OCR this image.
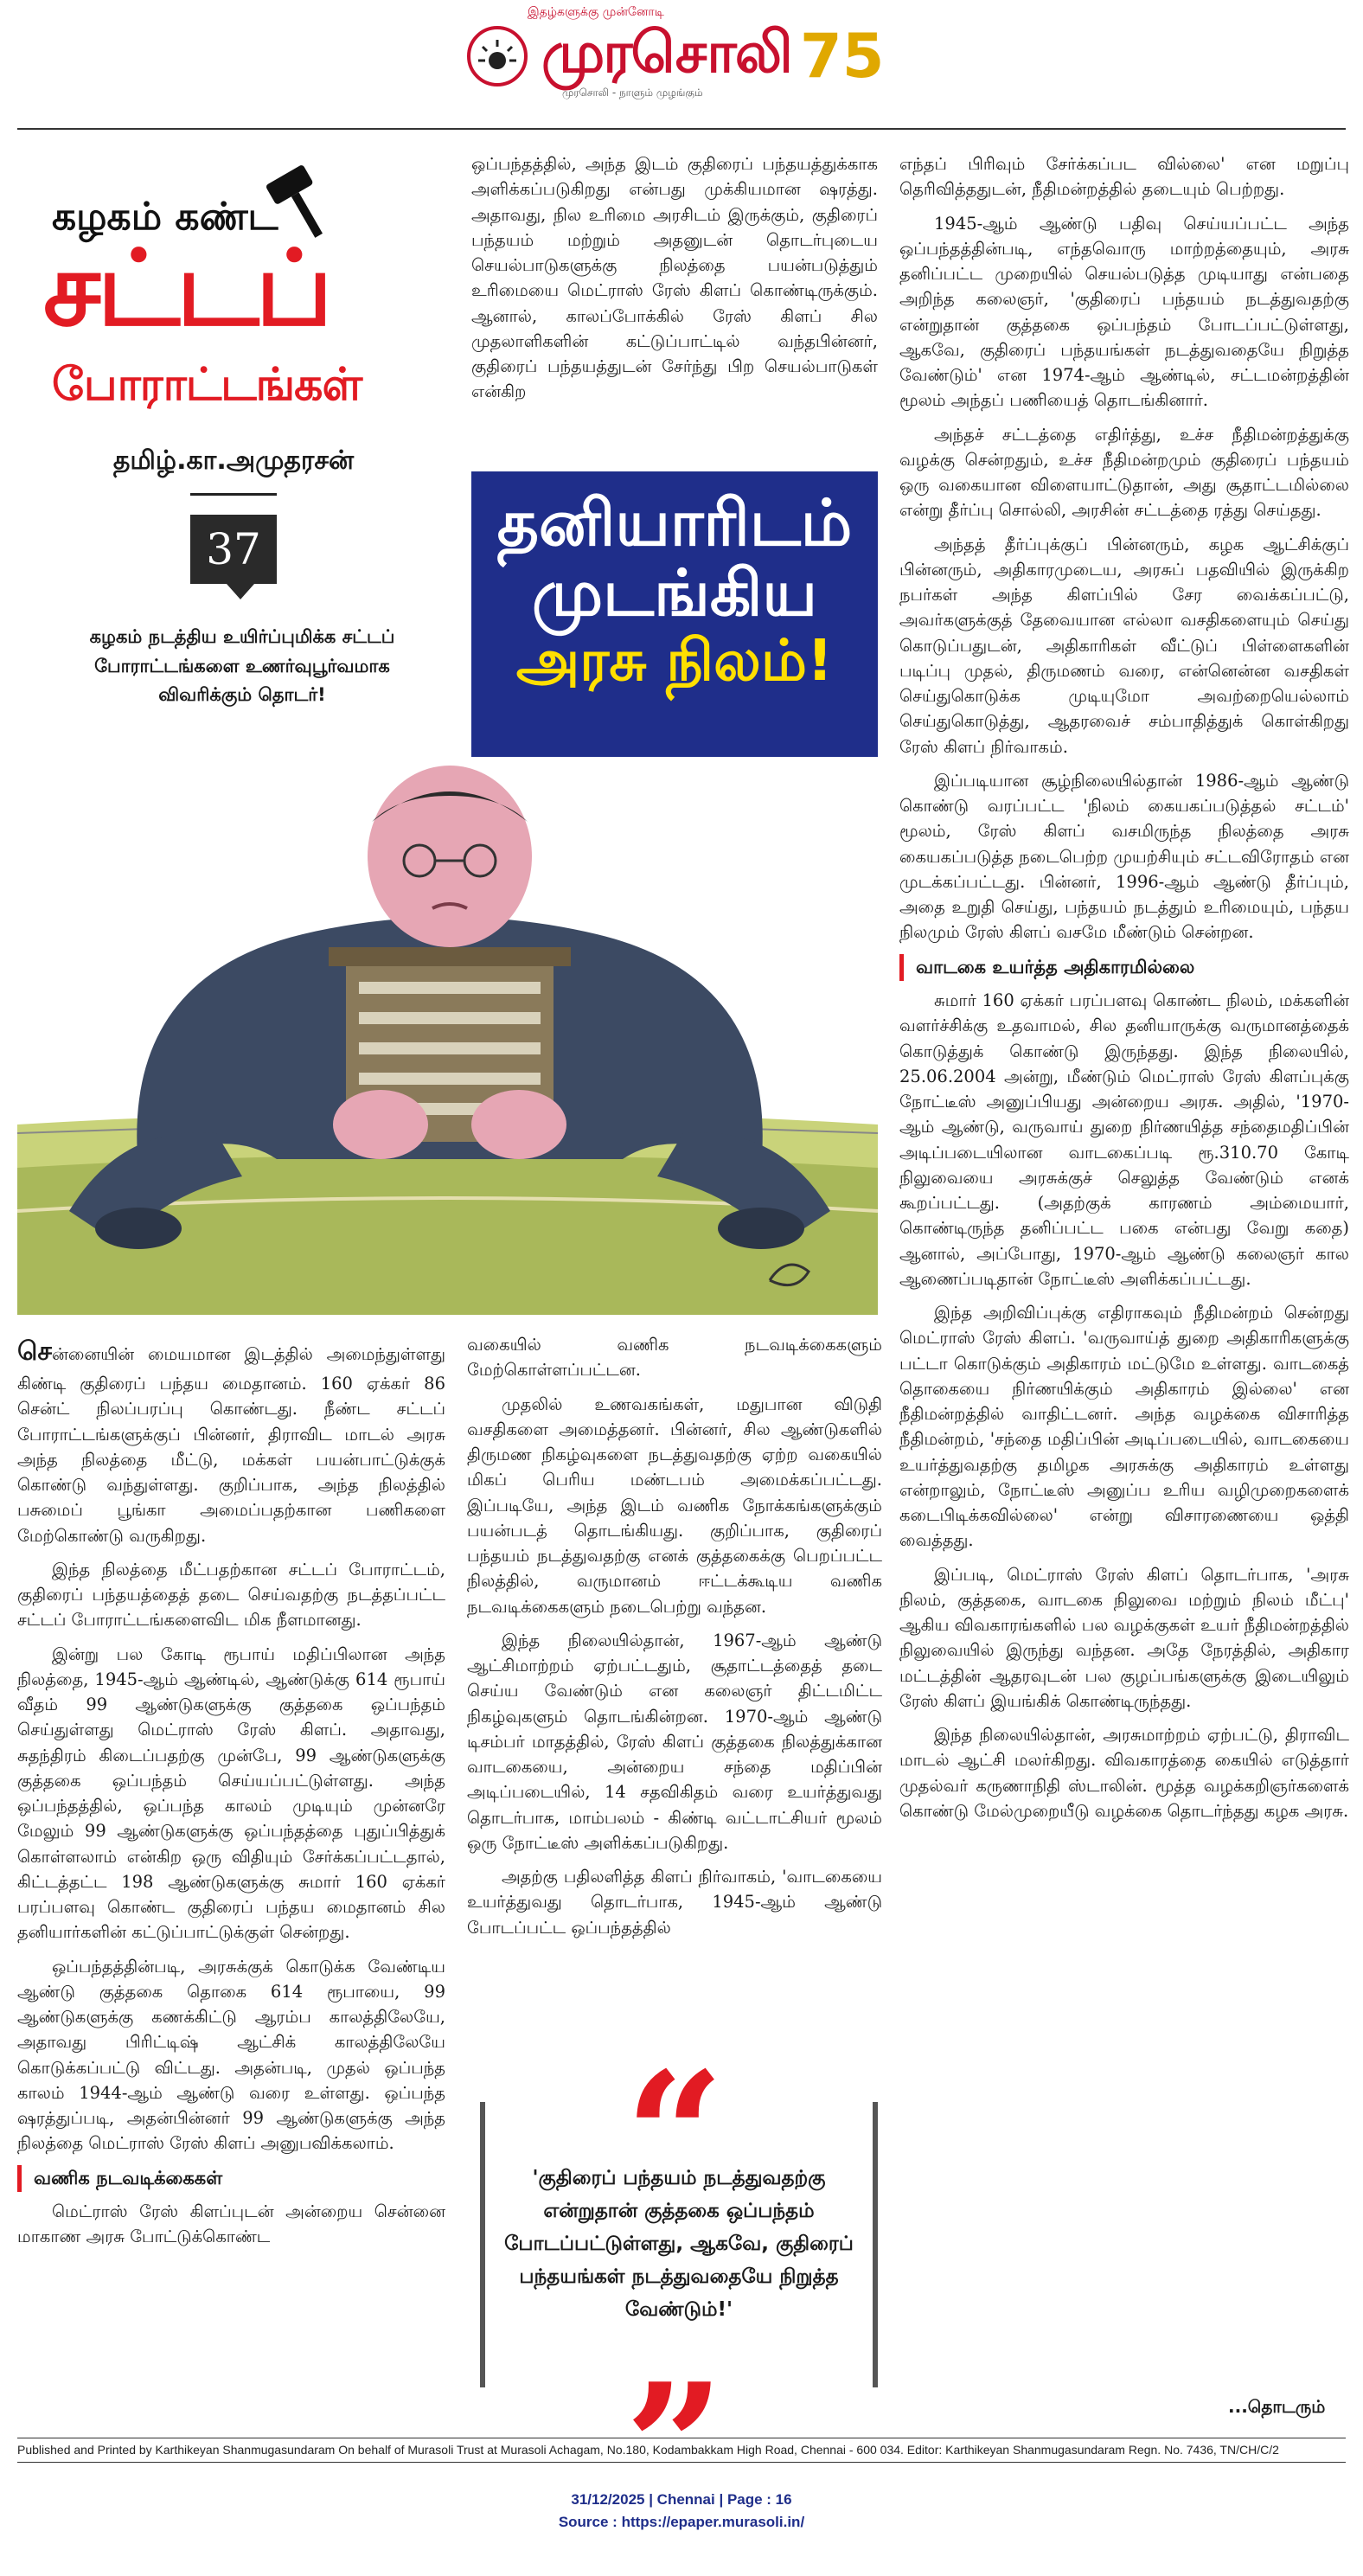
இதழ்களுக்கு முன்னோடி
முரசொலி 75
முரசொலி - நாளும் முழங்கும்
கழகம் கண்ட
சட்டப்
போராட்டங்கள்
தமிழ்.கா.அமுதரசன்
37
கழகம் நடத்திய உயிர்ப்புமிக்க சட்டப் போராட்டங்களை உணர்வுபூர்வமாக விவரிக்கும் தொடர்!

ஒப்பந்தத்தில், அந்த இடம் குதிரைப் பந்தயத்துக்காக அளிக்கப்படுகிறது என்பது முக்கியமான ஷரத்து. அதாவது, நில உரிமை அரசிடம் இருக்கும், குதிரைப் பந்தயம் மற்றும் அதனுடன் தொடர்புடைய செயல்பாடுகளுக்கு நிலத்தை பயன்படுத்தும் உரிமையை மெட்ராஸ் ரேஸ் கிளப் கொண்டிருக்கும். ஆனால், காலப்போக்கில் ரேஸ் கிளப் சில முதலாளிகளின் கட்டுப்பாட்டில் வந்தபின்னர், குதிரைப் பந்தயத்துடன் சேர்ந்து பிற செயல்பாடுகள் என்கிற

தனியாரிடம்
முடங்கிய
அரசு நிலம்!

எந்தப் பிரிவும் சேர்க்கப்பட வில்லை' என மறுப்பு தெரிவித்ததுடன், நீதிமன்றத்தில் தடையும் பெற்றது.

1945-ஆம் ஆண்டு பதிவு செய்யப்பட்ட அந்த ஒப்பந்தத்தின்படி, எந்தவொரு மாற்றத்தையும், அரசு தனிப்பட்ட முறையில் செயல்படுத்த முடியாது என்பதை அறிந்த கலைஞர், 'குதிரைப் பந்தயம் நடத்துவதற்கு என்றுதான் குத்தகை ஒப்பந்தம் போடப்பட்டுள்ளது, ஆகவே, குதிரைப் பந்தயங்கள் நடத்துவதையே நிறுத்த வேண்டும்' என 1974-ஆம் ஆண்டில், சட்டமன்றத்தின் மூலம் அந்தப் பணியைத் தொடங்கினார்.

அந்தச் சட்டத்தை எதிர்த்து, உச்ச நீதிமன்றத்துக்கு வழக்கு சென்றதும், உச்ச நீதிமன்றமும் குதிரைப் பந்தயம் ஒரு வகையான விளையாட்டுதான், அது சூதாட்டமில்லை என்று தீர்ப்பு சொல்லி, அரசின் சட்டத்தை ரத்து செய்தது.

அந்தத் தீர்ப்புக்குப் பின்னரும், கழக ஆட்சிக்குப் பின்னரும், அதிகாரமுடைய, அரசுப் பதவியில் இருக்கிற நபர்கள் அந்த கிளப்பில் சேர வைக்கப்பட்டு, அவர்களுக்குத் தேவையான எல்லா வசதிகளையும் செய்து கொடுப்பதுடன், அதிகாரிகள் வீட்டுப் பிள்ளைகளின் படிப்பு முதல், திருமணம் வரை, என்னென்ன வசதிகள் செய்துகொடுக்க முடியுமோ அவற்றையெல்லாம் செய்துகொடுத்து, ஆதரவைச் சம்பாதித்துக் கொள்கிறது ரேஸ் கிளப் நிர்வாகம்.

இப்படியான சூழ்நிலையில்தான் 1986-ஆம் ஆண்டு கொண்டு வரப்பட்ட 'நிலம் கையகப்படுத்தல் சட்டம்' மூலம், ரேஸ் கிளப் வசமிருந்த நிலத்தை அரசு கையகப்படுத்த நடைபெற்ற முயற்சியும் சட்டவிரோதம் என முடக்கப்பட்டது. பின்னர், 1996-ஆம் ஆண்டு தீர்ப்பும், அதை உறுதி செய்து, பந்தயம் நடத்தும் உரிமையும், பந்தய நிலமும் ரேஸ் கிளப் வசமே மீண்டும் சென்றன.

வாடகை உயர்த்த அதிகாரமில்லை

சுமார் 160 ஏக்கர் பரப்பளவு கொண்ட நிலம், மக்களின் வளர்ச்சிக்கு உதவாமல், சில தனியாருக்கு வருமானத்தைக் கொடுத்துக் கொண்டு இருந்தது. இந்த நிலையில், 25.06.2004 அன்று, மீண்டும் மெட்ராஸ் ரேஸ் கிளப்புக்கு நோட்டீஸ் அனுப்பியது அன்றைய அரசு. அதில், '1970-ஆம் ஆண்டு, வருவாய் துறை நிர்ணயித்த சந்தைமதிப்பின் அடிப்படையிலான வாடகைப்படி ரூ.310.70 கோடி நிலுவையை அரசுக்குச் செலுத்த வேண்டும் எனக் கூறப்பட்டது. (அதற்குக் காரணம் அம்மையார், கொண்டிருந்த தனிப்பட்ட பகை என்பது வேறு கதை) ஆனால், அப்போது, 1970-ஆம் ஆண்டு கலைஞர் கால ஆணைப்படிதான் நோட்டீஸ் அளிக்கப்பட்டது.

இந்த அறிவிப்புக்கு எதிராகவும் நீதிமன்றம் சென்றது மெட்ராஸ் ரேஸ் கிளப். 'வருவாய்த் துறை அதிகாரிகளுக்கு பட்டா கொடுக்கும் அதிகாரம் மட்டுமே உள்ளது. வாடகைத் தொகையை நிர்ணயிக்கும் அதிகாரம் இல்லை' என நீதிமன்றத்தில் வாதிட்டனர். அந்த வழக்கை விசாரித்த நீதிமன்றம், 'சந்தை மதிப்பின் அடிப்படையில், வாடகையை உயர்த்துவதற்கு தமிழக அரசுக்கு அதிகாரம் உள்ளது என்றாலும், நோட்டீஸ் அனுப்ப உரிய வழிமுறைகளைக் கடைபிடிக்கவில்லை' என்று விசாரணையை ஒத்தி வைத்தது.

இப்படி, மெட்ராஸ் ரேஸ் கிளப் தொடர்பாக, 'அரசு நிலம், குத்தகை, வாடகை நிலுவை மற்றும் நிலம் மீட்பு' ஆகிய விவகாரங்களில் பல வழக்குகள் உயர் நீதிமன்றத்தில் நிலுவையில் இருந்து வந்தன. அதே நேரத்தில், அதிகார மட்டத்தின் ஆதரவுடன் பல குழப்பங்களுக்கு இடையிலும் ரேஸ் கிளப் இயங்கிக் கொண்டிருந்தது.

இந்த நிலையில்தான், அரசுமாற்றம் ஏற்பட்டு, திராவிட மாடல் ஆட்சி மலர்கிறது. விவகாரத்தை கையில் எடுத்தார் முதல்வர் கருணாநிதி ஸ்டாலின். மூத்த வழக்கறிஞர்களைக் கொண்டு மேல்முறையீடு வழக்கை தொடர்ந்தது கழக அரசு.

சென்னையின் மையமான இடத்தில் அமைந்துள்ளது கிண்டி குதிரைப் பந்தய மைதானம். 160 ஏக்கர் 86 சென்ட் நிலப்பரப்பு கொண்டது. நீண்ட சட்டப் போராட்டங்களுக்குப் பின்னர், திராவிட மாடல் அரசு அந்த நிலத்தை மீட்டு, மக்கள் பயன்பாட்டுக்குக் கொண்டு வந்துள்ளது. குறிப்பாக, அந்த நிலத்தில் பசுமைப் பூங்கா அமைப்பதற்கான பணிகளை மேற்கொண்டு வருகிறது.

இந்த நிலத்தை மீட்பதற்கான சட்டப் போராட்டம், குதிரைப் பந்தயத்தைத் தடை செய்வதற்கு நடத்தப்பட்ட சட்டப் போராட்டங்களைவிட மிக நீளமானது.

இன்று பல கோடி ரூபாய் மதிப்பிலான அந்த நிலத்தை, 1945-ஆம் ஆண்டில், ஆண்டுக்கு 614 ரூபாய் வீதம் 99 ஆண்டுகளுக்கு குத்தகை ஒப்பந்தம் செய்துள்ளது மெட்ராஸ் ரேஸ் கிளப். அதாவது, சுதந்திரம் கிடைப்பதற்கு முன்பே, 99 ஆண்டுகளுக்கு குத்தகை ஒப்பந்தம் செய்யப்பட்டுள்ளது. அந்த ஒப்பந்தத்தில், ஒப்பந்த காலம் முடியும் முன்னரே மேலும் 99 ஆண்டுகளுக்கு ஒப்பந்தத்தை புதுப்பித்துக் கொள்ளலாம் என்கிற ஒரு விதியும் சேர்க்கப்பட்டதால், கிட்டத்தட்ட 198 ஆண்டுகளுக்கு சுமார் 160 ஏக்கர் பரப்பளவு கொண்ட குதிரைப் பந்தய மைதானம் சில தனியார்களின் கட்டுப்பாட்டுக்குள் சென்றது.

ஒப்பந்தத்தின்படி, அரசுக்குக் கொடுக்க வேண்டிய ஆண்டு குத்தகை தொகை 614 ரூபாயை, 99 ஆண்டுகளுக்கு கணக்கிட்டு ஆரம்ப காலத்திலேயே, அதாவது பிரிட்டிஷ் ஆட்சிக் காலத்திலேயே கொடுக்கப்பட்டு விட்டது. அதன்படி, முதல் ஒப்பந்த காலம் 1944-ஆம் ஆண்டு வரை உள்ளது. ஒப்பந்த ஷரத்துப்படி, அதன்பின்னர் 99 ஆண்டுகளுக்கு அந்த நிலத்தை மெட்ராஸ் ரேஸ் கிளப் அனுபவிக்கலாம்.

வணிக நடவடிக்கைகள்

மெட்ராஸ் ரேஸ் கிளப்புடன் அன்றைய சென்னை மாகாண அரசு போட்டுக்கொண்ட

வகையில் வணிக நடவடிக்கைகளும் மேற்கொள்ளப்பட்டன.

முதலில் உணவகங்கள், மதுபான விடுதி வசதிகளை அமைத்தனர். பின்னர், சில ஆண்டுகளில் திருமண நிகழ்வுகளை நடத்துவதற்கு ஏற்ற வகையில் மிகப் பெரிய மண்டபம் அமைக்கப்பட்டது. இப்படியே, அந்த இடம் வணிக நோக்கங்களுக்கும் பயன்படத் தொடங்கியது. குறிப்பாக, குதிரைப் பந்தயம் நடத்துவதற்கு எனக் குத்தகைக்கு பெறப்பட்ட நிலத்தில், வருமானம் ஈட்டக்கூடிய வணிக நடவடிக்கைகளும் நடைபெற்று வந்தன.

இந்த நிலையில்தான், 1967-ஆம் ஆண்டு ஆட்சிமாற்றம் ஏற்பட்டதும், சூதாட்டத்தைத் தடை செய்ய வேண்டும் என கலைஞர் திட்டமிட்ட நிகழ்வுகளும் தொடங்கின்றன. 1970-ஆம் ஆண்டு டிசம்பர் மாதத்தில், ரேஸ் கிளப் குத்தகை நிலத்துக்கான வாடகையை, அன்றைய சந்தை மதிப்பின் அடிப்படையில், 14 சதவிகிதம் வரை உயர்த்துவது தொடர்பாக, மாம்பலம் - கிண்டி வட்டாட்சியர் மூலம் ஒரு நோட்டீஸ் அளிக்கப்படுகிறது.

அதற்கு பதிலளித்த கிளப் நிர்வாகம், 'வாடகையை உயர்த்துவது தொடர்பாக, 1945-ஆம் ஆண்டு போடப்பட்ட ஒப்பந்தத்தில்

'குதிரைப் பந்தயம் நடத்துவதற்கு என்றுதான் குத்தகை ஒப்பந்தம் போடப்பட்டுள்ளது, ஆகவே, குதிரைப் பந்தயங்கள் நடத்துவதையே நிறுத்த வேண்டும்!'
...தொடரும்
Published and Printed by Karthikeyan Shanmugasundaram On behalf of Murasoli Trust at Murasoli Achagam, No.180, Kodambakkam High Road, Chennai - 600 034. Editor: Karthikeyan Shanmugasundaram Regn. No. 7436, TN/CH/C/2
31/12/2025 | Chennai | Page : 16
Source : https://epaper.murasoli.in/
